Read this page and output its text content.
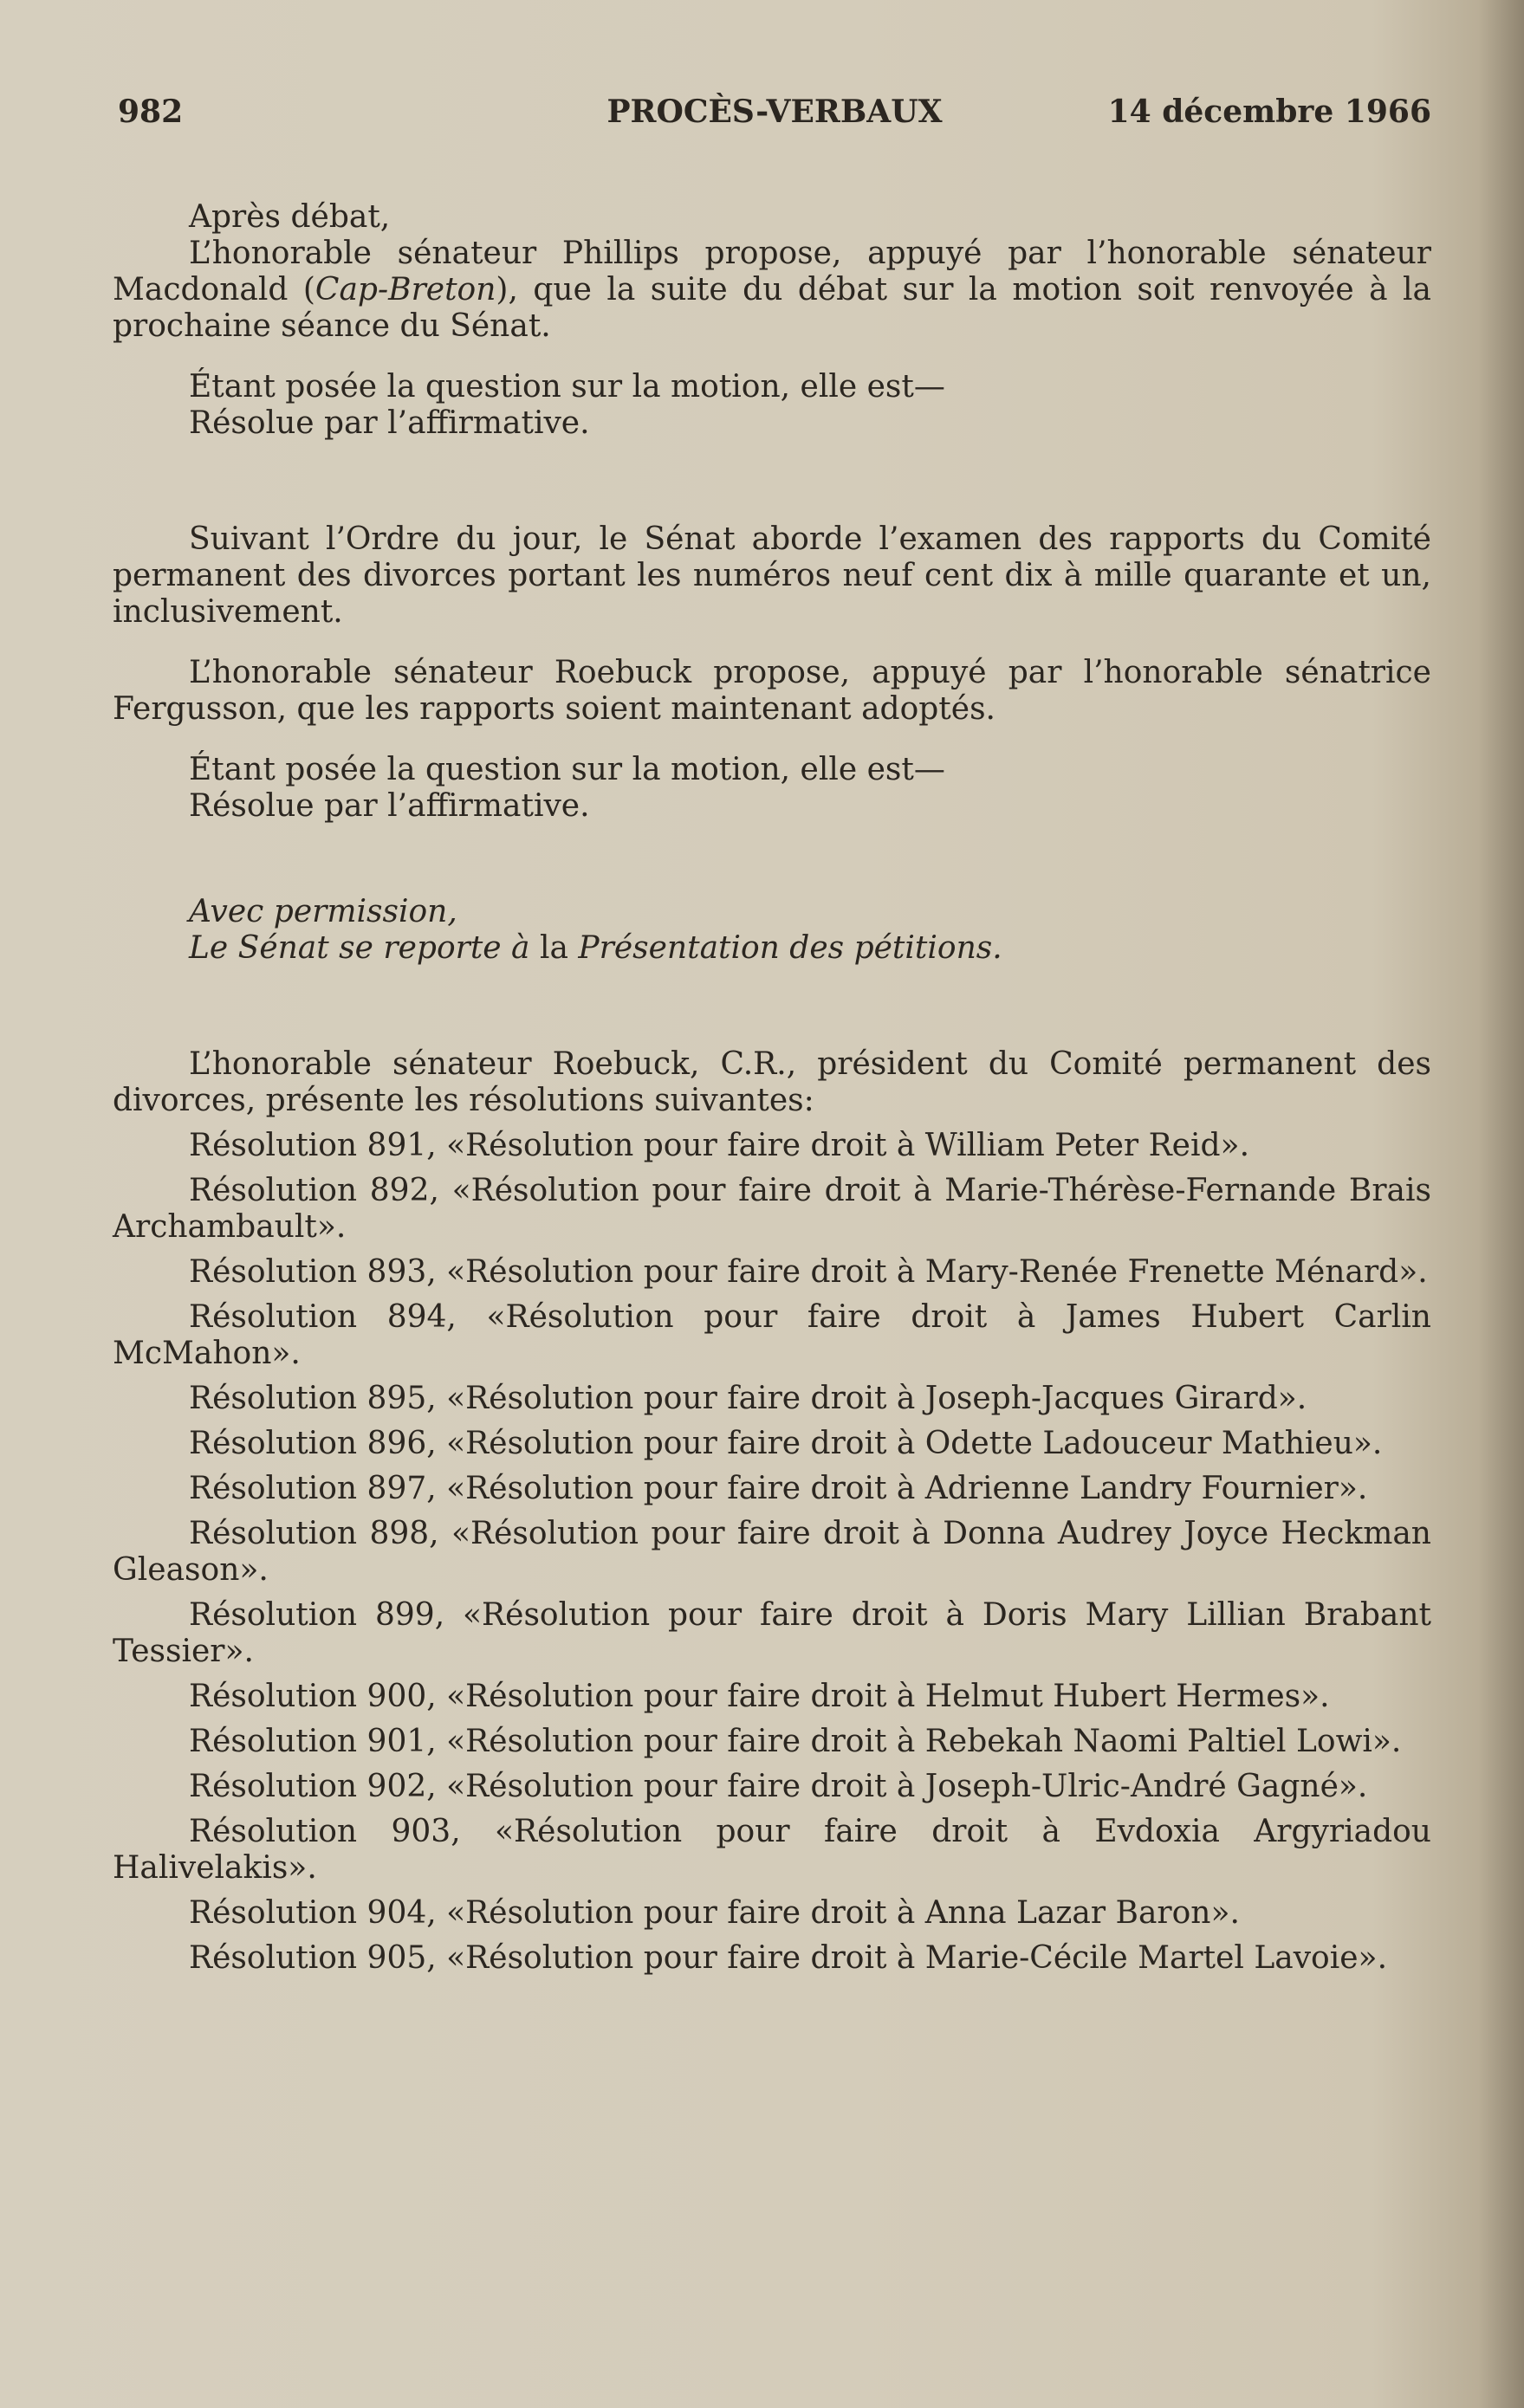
982	PROCÈS-VERBAUX	14 décembre 1966

Après débat,

L’honorable sénateur Phillips propose, appuyé par l’honorable sénateur Macdonald (Cap-Breton), que la suite du débat sur la motion soit renvoyée à la prochaine séance du Sénat.

Étant posée la question sur la motion, elle est—

Résolue par l’affirmative.

Suivant l’Ordre du jour, le Sénat aborde l’examen des rapports du Comité permanent des divorces portant les numéros neuf cent dix à mille quarante et un, inclusivement.

L’honorable sénateur Roebuck propose, appuyé par l’honorable sénatrice Fergusson, que les rapports soient maintenant adoptés.

Étant posée la question sur la motion, elle est—

Résolue par l’affirmative.

Avec permission,

Le Sénat se reporte à la Présentation des pétitions.

L’honorable sénateur Roebuck, C.R., président du Comité permanent des divorces, présente les résolutions suivantes:

Résolution 891, «Résolution pour faire droit à William Peter Reid».

Résolution 892, «Résolution pour faire droit à Marie-Thérèse-Fernande Brais Archambault».

Résolution 893, «Résolution pour faire droit à Mary-Renée Frenette Ménard».

Résolution 894, «Résolution pour faire droit à James Hubert Carlin McMahon».

Résolution 895, «Résolution pour faire droit à Joseph-Jacques Girard».

Résolution 896, «Résolution pour faire droit à Odette Ladouceur Mathieu».

Résolution 897, «Résolution pour faire droit à Adrienne Landry Fournier».

Résolution 898, «Résolution pour faire droit à Donna Audrey Joyce Heckman Gleason».

Résolution 899, «Résolution pour faire droit à Doris Mary Lillian Brabant Tessier».

Résolution 900, «Résolution pour faire droit à Helmut Hubert Hermes».

Résolution 901, «Résolution pour faire droit à Rebekah Naomi Paltiel Lowi».

Résolution 902, «Résolution pour faire droit à Joseph-Ulric-André Gagné».

Résolution 903, «Résolution pour faire droit à Evdoxia Argyriadou Halivelakis».

Résolution 904, «Résolution pour faire droit à Anna Lazar Baron».

Résolution 905, «Résolution pour faire droit à Marie-Cécile Martel Lavoie».
